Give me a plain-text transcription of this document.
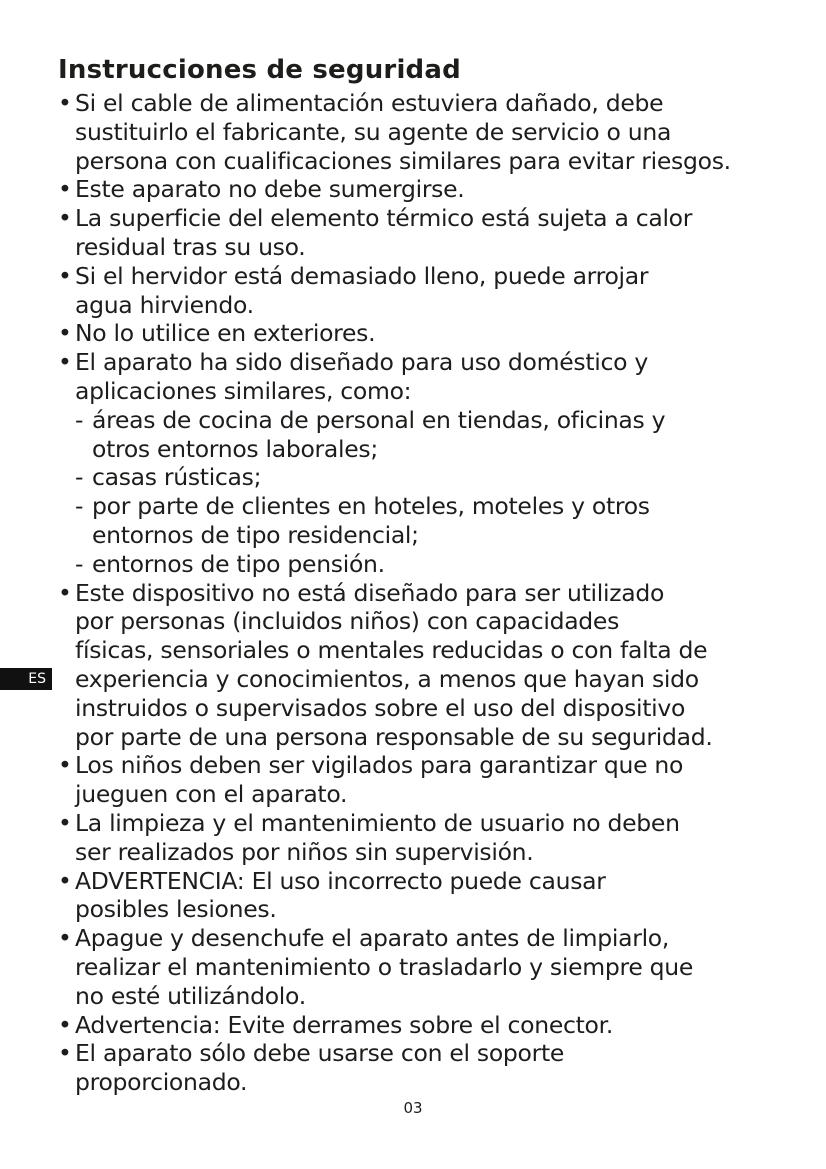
Instrucciones de seguridad
• Si el cable de alimentación estuviera dañado, debe
sustituirlo el fabricante, su agente de servicio o una
persona con cualificaciones similares para evitar riesgos.
• Este aparato no debe sumergirse.
• La superficie del elemento térmico está sujeta a calor
residual tras su uso.
• Si el hervidor está demasiado lleno, puede arrojar
agua hirviendo.
• No lo utilice en exteriores.
• El aparato ha sido diseñado para uso doméstico y
aplicaciones similares, como:
- áreas de cocina de personal en tiendas, oficinas y
otros entornos laborales;
- casas rústicas;
- por parte de clientes en hoteles, moteles y otros
entornos de tipo residencial;
- entornos de tipo pensión.
• Este dispositivo no está diseñado para ser utilizado
por personas (incluidos niños) con capacidades
físicas, sensoriales o mentales reducidas o con falta de
experiencia y conocimientos, a menos que hayan sido
instruidos o supervisados sobre el uso del dispositivo
por parte de una persona responsable de su seguridad.
• Los niños deben ser vigilados para garantizar que no
jueguen con el aparato.
• La limpieza y el mantenimiento de usuario no deben
ser realizados por niños sin supervisión.
• ADVERTENCIA: El uso incorrecto puede causar
posibles lesiones.
• Apague y desenchufe el aparato antes de limpiarlo,
realizar el mantenimiento o trasladarlo y siempre que
no esté utilizándolo.
• Advertencia: Evite derrames sobre el conector.
• El aparato sólo debe usarse con el soporte
proporcionado.
ES
03
